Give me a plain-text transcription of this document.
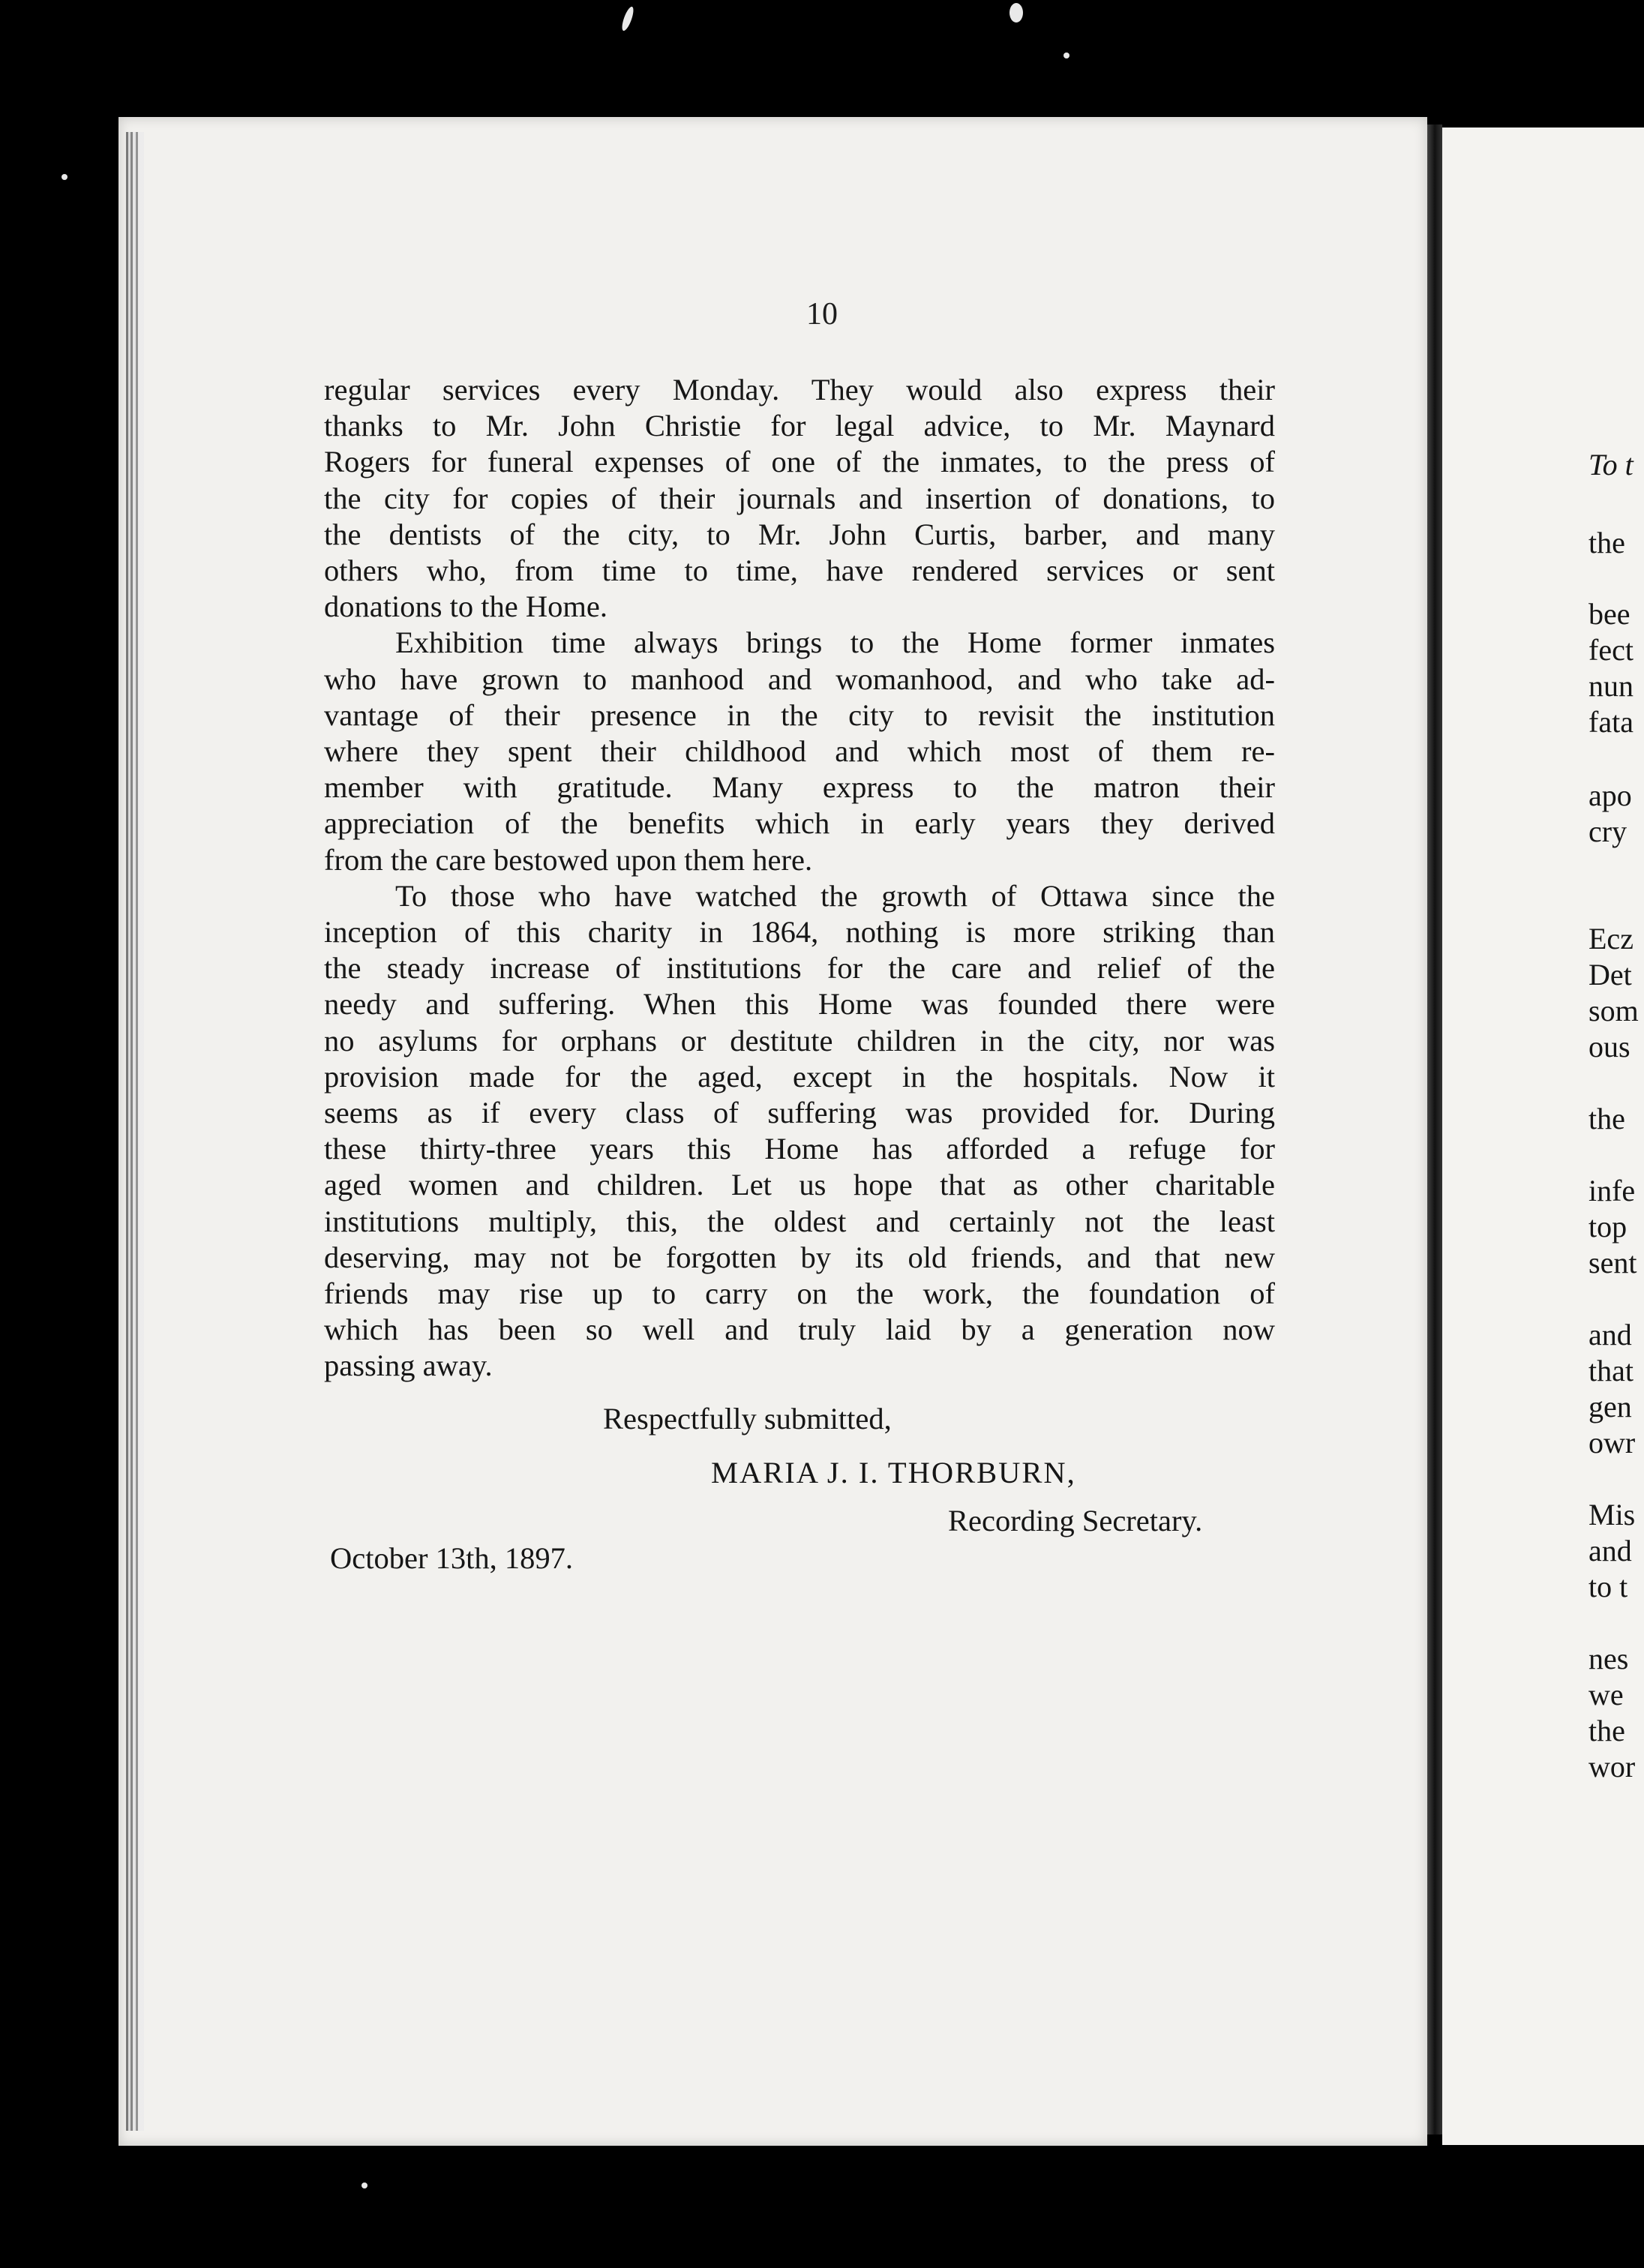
10

regular services every Monday. They would also express their
thanks to Mr. John Christie for legal advice, to Mr. Maynard
Rogers for funeral expenses of one of the inmates, to the press of
the city for copies of their journals and insertion of donations, to
the dentists of the city, to Mr. John Curtis, barber, and many
others who, from time to time, have rendered services or sent
donations to the Home.

Exhibition time always brings to the Home former inmates
who have grown to manhood and womanhood, and who take ad-
vantage of their presence in the city to revisit the institution
where they spent their childhood and which most of them re-
member with gratitude. Many express to the matron their
appreciation of the benefits which in early years they derived
from the care bestowed upon them here.

To those who have watched the growth of Ottawa since the
inception of this charity in 1864, nothing is more striking than
the steady increase of institutions for the care and relief of the
needy and suffering. When this Home was founded there were
no asylums for orphans or destitute children in the city, nor was
provision made for the aged, except in the hospitals. Now it
seems as if every class of suffering was provided for. During
these thirty-three years this Home has afforded a refuge for
aged women and children. Let us hope that as other charitable
institutions multiply, this, the oldest and certainly not the least
deserving, may not be forgotten by its old friends, and that new
friends may rise up to carry on the work, the foundation of
which has been so well and truly laid by a generation now
passing away.

Respectfully submitted,
MARIA J. I. THORBURN,
Recording Secretary.
October 13th, 1897.
To t
the
bee
fect
nun
fata
apo
cry
Ecz
Det
som
ous
the
infe
top
sent
and
that
gen
owr
Mis
and
to t
nes
we
the
wor
